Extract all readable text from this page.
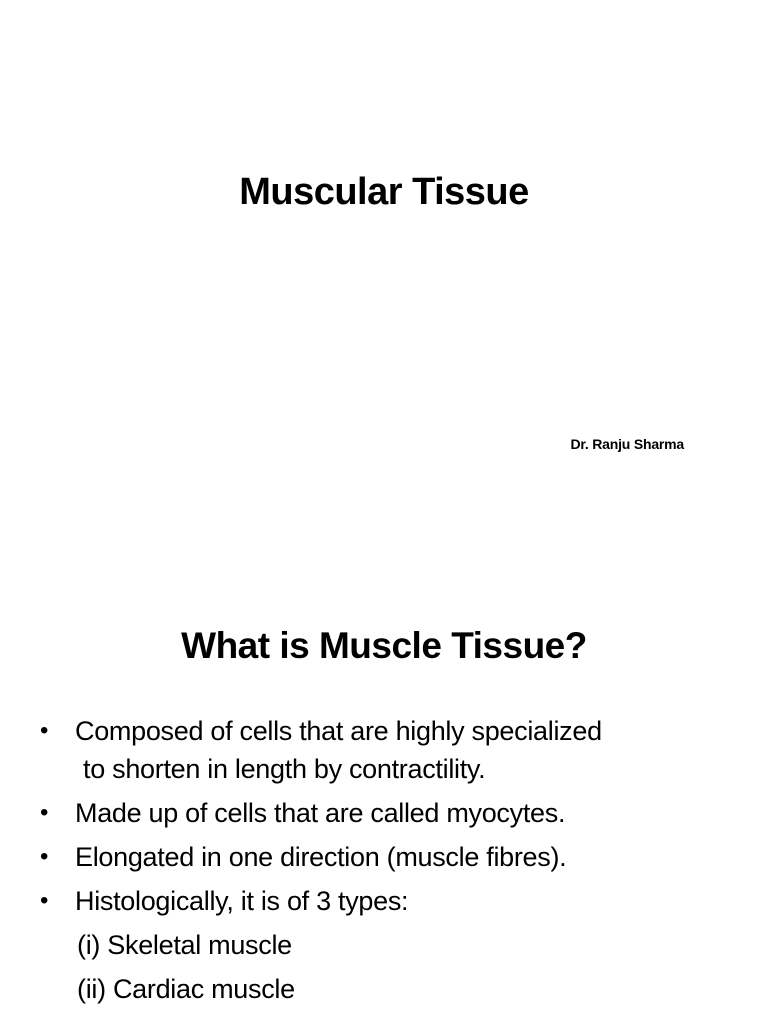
Muscular Tissue
Dr. Ranju Sharma
What is Muscle Tissue?
• Composed of cells that are highly specialized
to shorten in length by contractility.
• Made up of cells that are called myocytes.
• Elongated in one direction (muscle fibres).
• Histologically, it is of 3 types:
(i) Skeletal muscle
(ii) Cardiac muscle
